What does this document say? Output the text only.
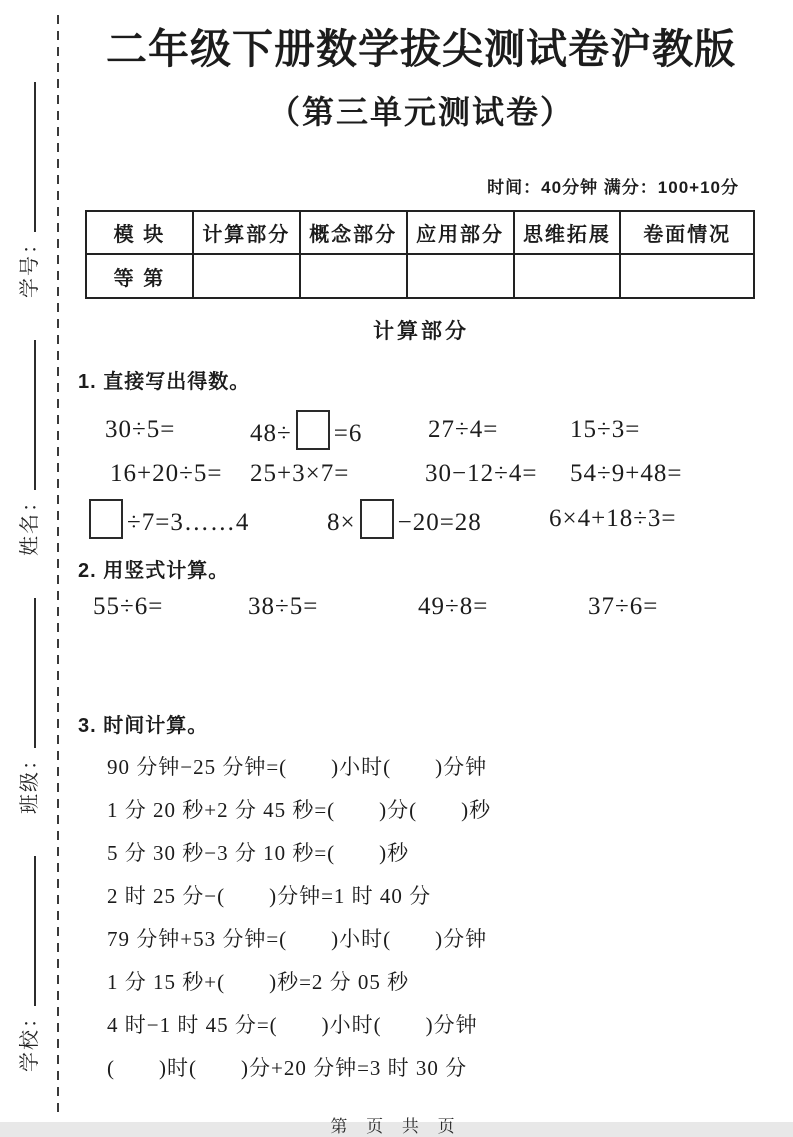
学校：
班级：
姓名：
学号：
二年级下册数学拔尖测试卷沪教版
（第三单元测试卷）
时间：40分钟 满分：100+10分
模 块	计算部分	概念部分	应用部分	思维拓展	卷面情况
等 第					
计算部分
1. 直接写出得数。
30÷5=	48÷ =6	27÷4=	15÷3=
16+20÷5=	25+3×7=	30−12÷4=	54÷9+48=
÷7=3……4	8× −20=28	6×4+18÷3=
2. 用竖式计算。
55÷6=	38÷5=	49÷8=	37÷6=
3. 时间计算。
90 分钟−25 分钟=(　　)小时(　　)分钟
1 分 20 秒+2 分 45 秒=(　　)分(　　)秒
5 分 30 秒−3 分 10 秒=(　　)秒
2 时 25 分−(　　)分钟=1 时 40 分
79 分钟+53 分钟=(　　)小时(　　)分钟
1 分 15 秒+(　　)秒=2 分 05 秒
4 时−1 时 45 分=(　　)小时(　　)分钟
(　　)时(　　)分+20 分钟=3 时 30 分
第 页 共 页
